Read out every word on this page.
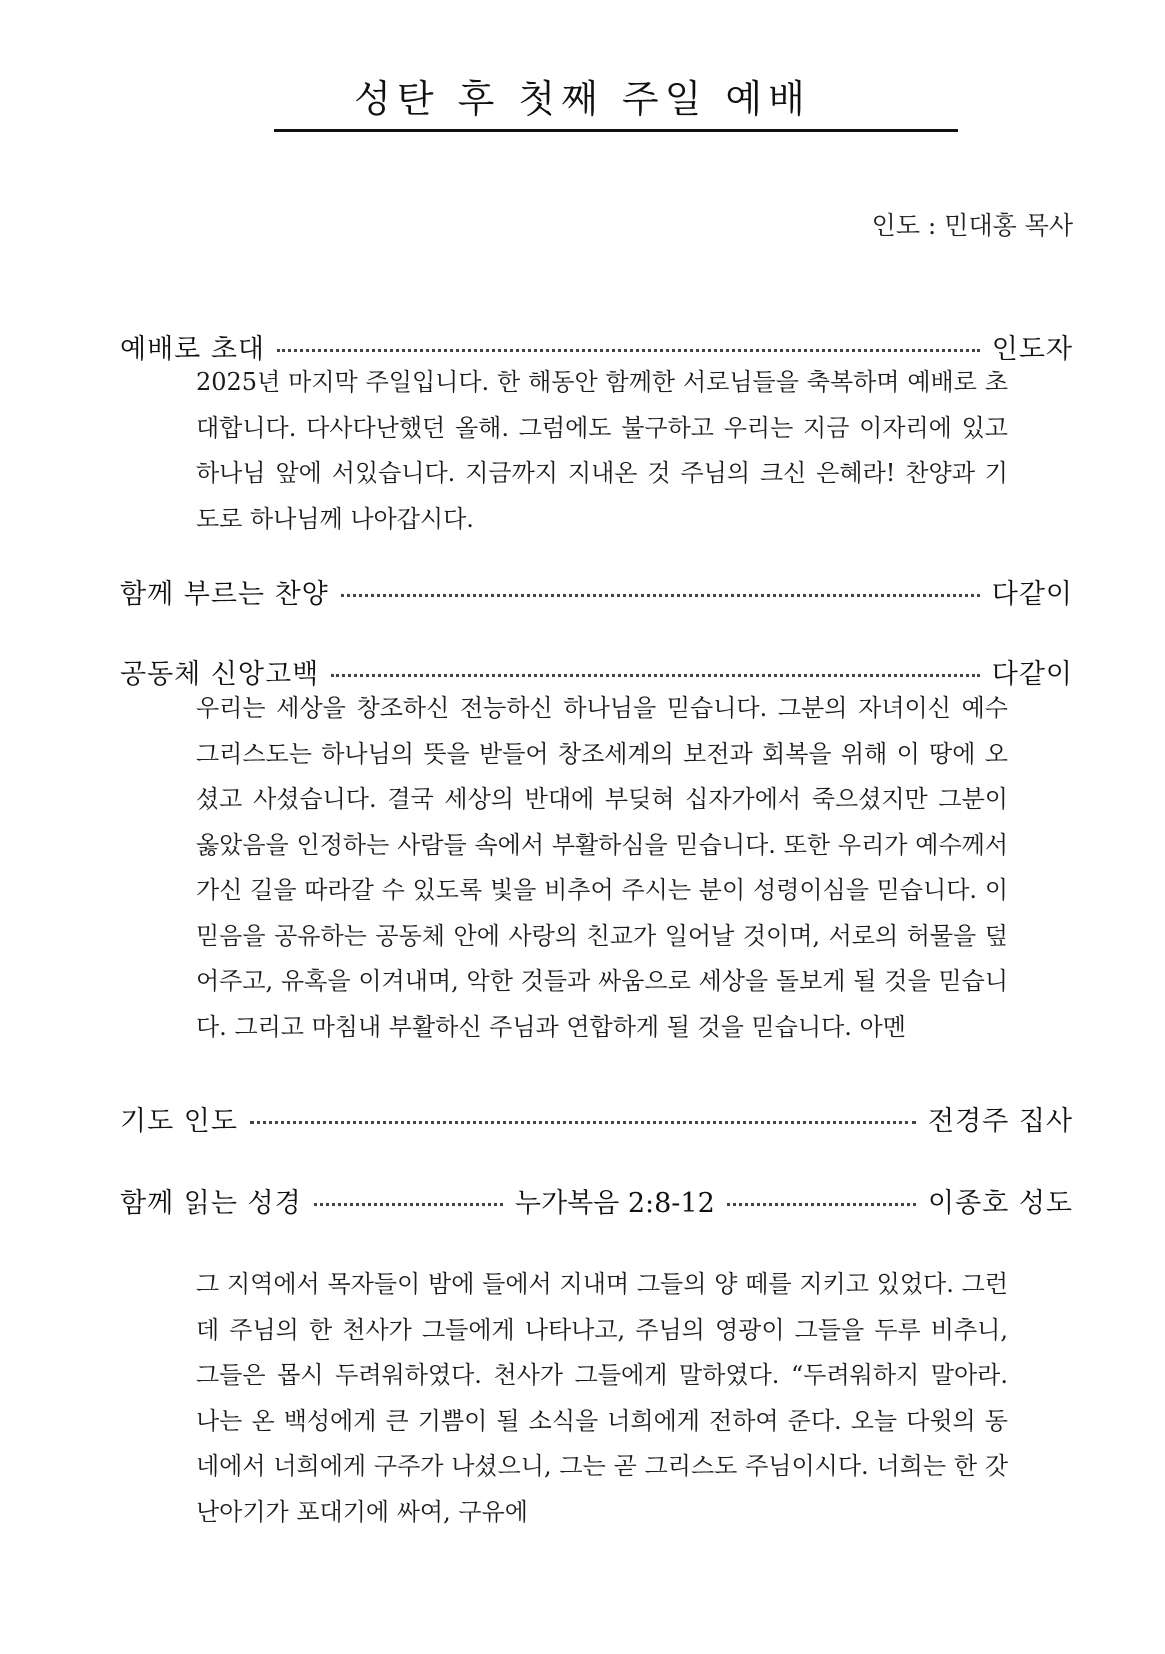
성탄 후 첫째 주일 예배
인도 : 민대홍 목사
예배로 초대	인도자

2025년 마지막 주일입니다. 한 해동안 함께한 서로님들을 축복하며 예배로 초대합니다. 다사다난했던 올해. 그럼에도 불구하고 우리는 지금 이자리에 있고 하나님 앞에 서있습니다. 지금까지 지내온 것 주님의 크신 은혜라! 찬양과 기도로 하나님께 나아갑시다.

함께 부르는 찬양	다같이
공동체 신앙고백	다같이

우리는 세상을 창조하신 전능하신 하나님을 믿습니다. 그분의 자녀이신 예수 그리스도는 하나님의 뜻을 받들어 창조세계의 보전과 회복을 위해 이 땅에 오셨고 사셨습니다. 결국 세상의 반대에 부딪혀 십자가에서 죽으셨지만 그분이 옳았음을 인정하는 사람들 속에서 부활하심을 믿습니다. 또한 우리가 예수께서 가신 길을 따라갈 수 있도록 빛을 비추어 주시는 분이 성령이심을 믿습니다. 이 믿음을 공유하는 공동체 안에 사랑의 친교가 일어날 것이며, 서로의 허물을 덮어주고, 유혹을 이겨내며, 악한 것들과 싸움으로 세상을 돌보게 될 것을 믿습니다. 그리고 마침내 부활하신 주님과 연합하게 될 것을 믿습니다. 아멘

기도 인도	전경주 집사
함께 읽는 성경	누가복음 2:8-12	이종호 성도

그 지역에서 목자들이 밤에 들에서 지내며 그들의 양 떼를 지키고 있었다. 그런데 주님의 한 천사가 그들에게 나타나고, 주님의 영광이 그들을 두루 비추니, 그들은 몹시 두려워하였다. 천사가 그들에게 말하였다. “두려워하지 말아라. 나는 온 백성에게 큰 기쁨이 될 소식을 너희에게 전하여 준다. 오늘 다윗의 동네에서 너희에게 구주가 나셨으니, 그는 곧 그리스도 주님이시다. 너희는 한 갓난아기가 포대기에 싸여, 구유에
